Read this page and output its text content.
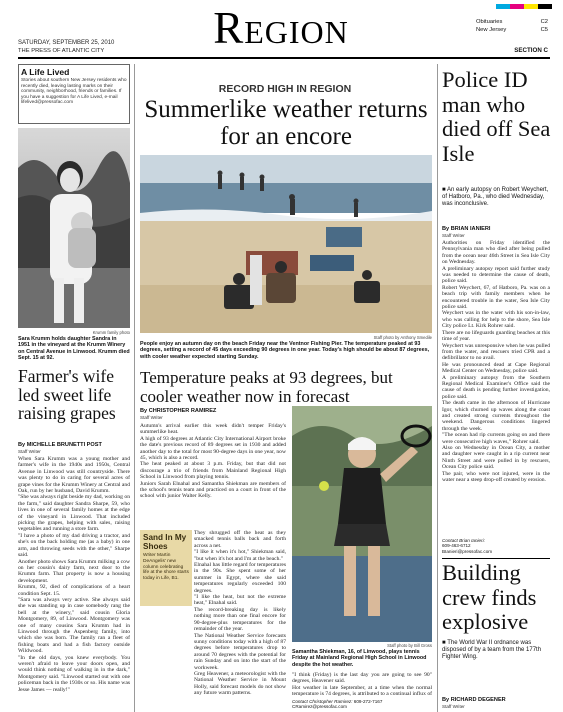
Region
SATURDAY, SEPTEMBER 25, 2010
THE PRESS OF ATLANTIC CITY
Obituaries	C2
New Jersey	C5
SECTION C
A Life Lived
Stories about southern New Jersey residents who recently died, leaving lasting marks on their community, neighborhood, friends or families. If you have a suggestion for A Life Lived, e-mail lifelived@pressofac.com
Krumm family photo
Sara Krumm holds daughter Sandra in 1951 in the vineyard at the Krumm Winery on Central Avenue in Linwood. Krumm died Sept. 15 at 92.
Farmer's wife led sweet life raising grapes
By MICHELLE BRUNETTI POST
Staff Writer
When Sara Krumm was a young mother and farmer's wife in the 1940s and 1950s, Central Avenue in Linwood was still countryside. There was plenty to do in caring for several acres of grape vines for the Krumm Winery at Central and Oak, run by her husband, David Krumm.
"She was always right beside my dad, working on the farm," said daughter Sandra Sharpe, 59, who lives in one of several family homes at the edge of the vineyard in Linwood. That included picking the grapes, helping with sales, raising vegetables and running a store farm.
"I have a photo of my dad driving a tractor, and she's on the back holding me (as a baby) in one arm, and throwing seeds with the other," Sharpe said.
Another photo shows Sara Krumm milking a cow on her cousin's dairy farm, next door to the Krumm farm. That property is now a housing development.
Krumm, 92, died of complications of a heart condition Sept. 15.
"Sara was always very active. She always said she was standing up in case somebody rang the bell at the winery," said cousin Gloria Montgomery, 89, of Linwood. Montgomery was one of many cousins Sara Krumm had in Linwood through the Aspenberg family, into which she was born. The family ran a fleet of fishing boats and had a fish factory outside Wildwood.
"In the old days, you knew everybody. You weren't afraid to leave your doors open, and would think nothing of walking in in the dark," Montgomery said. "Linwood started out with one policeman back in the 1930s or so. His name was Jesse James — really!"
RECORD HIGH IN REGION
Summerlike weather returns for an encore
Staff photo by Anthony Smedile
People enjoy an autumn day on the beach Friday near the Ventnor Fishing Pier. The temperature peaked at 93 degrees, setting a record of 45 days exceeding 90 degrees in one year. Today's high should be about 87 degrees, with cooler weather expected starting Sunday.
Temperature peaks at 93 degrees, but cooler weather now in forecast
By CHRISTOPHER RAMIREZ
Staff Writer
Autumn's arrival earlier this week didn't temper Friday's summerlike heat.
A high of 93 degrees at Atlantic City International Airport broke the date's previous record of 89 degrees set in 1930 and added another day to the total for most 90-degree days in one year, now 45, which is also a record.
The heat peaked at about 3 p.m. Friday, but that did not discourage a trio of friends from Mainland Regional High School in Linwood from playing tennis.
Juniors Sarah Elnahal and Samantha Shiekman are members of the school's tennis team and practiced on a court in front of the school with junior Walter Kelly.
Sand In My Shoes
Writer Martin DeAngelis' new column celebrating life at the shore starts today in Life, B1.
They shrugged off the heat as they smacked tennis balls back and forth across a net.
"I like it when it's hot," Shiekman said, "but when it's hot and I'm at the beach."
Elnahal has little regard for temperatures in the 90s. She spent some of her summer in Egypt, where she said temperatures regularly exceeded 100 degrees.
"I like the heat, but not the extreme heat," Elnahal said.
The record-breaking day is likely nothing more than one final encore for 90-degree-plus temperatures for the remainder of the year.
The National Weather Service forecasts sunny conditions today with a high of 87 degrees before temperatures drop to around 70 degrees with the potential for rain Sunday and on into the start of the workweek.
Greg Heavener, a meteorologist with the National Weather Service in Mount Holly, said forecast models do not show any future warm patterns.
Staff photo by Bill Gross
Samantha Shiekman, 16, of Linwood, plays tennis Friday at Mainland Regional High School in Linwood despite the hot weather.
"I think (Friday) is the last day you are going to see 90" degrees, Heavener said.
Hot weather in late September, at a time when the normal temperature is 74 degrees, is attributed to a continual influx of

Contact Christopher Ramirez: 609-272-7167 CRamirez@pressofac.com
Police ID man who died off Sea Isle
■ An early autopsy on Robert Weychert, of Hatboro, Pa., who died Wednesday, was inconclusive.
By BRIAN IANIERI
Staff Writer
Authorities on Friday identified the Pennsylvania man who died after being pulled from the ocean near 46th Street in Sea Isle City on Wednesday.
A preliminary autopsy report said further study was needed to determine the cause of death, police said.
Robert Weychert, 67, of Hatboro, Pa. was on a beach trip with family members when he encountered trouble in the water, Sea Isle City police said.
Weychert was in the water with his son-in-law, who was calling for help to the shore, Sea Isle City police Lt. Kirk Rohrer said.
There are no lifeguards guarding beaches at this time of year.
Weychert was unresponsive when he was pulled from the water, and rescuers tried CPR and a defibrillator to no avail.
He was pronounced dead at Cape Regional Medical Center on Wednesday, police said.
A preliminary autopsy from the Southern Regional Medical Examiner's Office said the cause of death is pending further investigation, police said.
The death came in the afternoon of Hurricane Igor, which churned up waves along the coast and created strong currents throughout the weekend. Dangerous conditions lingered through the week.
"The ocean had rip currents going on and there were consecutive high waves," Rohrer said.
Also on Wednesday in Ocean City, a mother and daughter were caught in a rip current near Ninth Street and were pulled in by rescuers, Ocean City police said.
The pair, who were not injured, were in the water near a steep drop-off created by erosion.
Contact Brian Ianieri:
609-463-6712
BIanieri@pressofac.com
Building crew finds explosive
■ The World War II ordnance was disposed of by a team from the 177th Fighter Wing.
By RICHARD DEGENER
Staff Writer
